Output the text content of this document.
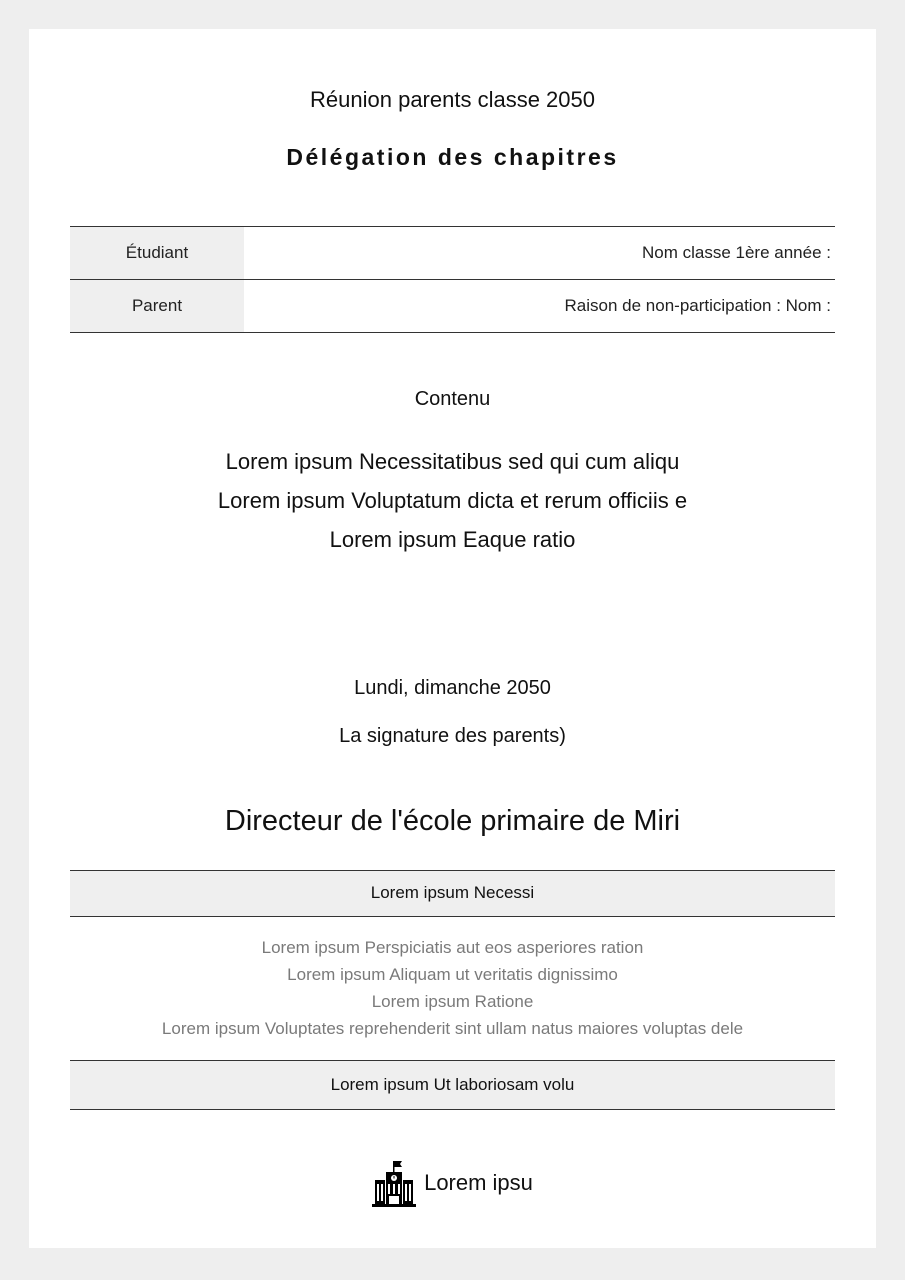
Réunion parents classe 2050
Délégation des chapitres
Étudiant	Nom classe 1ère année :
Parent	Raison de non-participation : Nom :
Contenu
Lorem ipsum Necessitatibus sed qui cum aliqu
Lorem ipsum Voluptatum dicta et rerum officiis e
Lorem ipsum Eaque ratio
Lundi, dimanche 2050
La signature des parents)
Directeur de l'école primaire de Miri
Lorem ipsum Necessi
Lorem ipsum Perspiciatis aut eos asperiores ration
Lorem ipsum Aliquam ut veritatis dignissimo
Lorem ipsum Ratione
Lorem ipsum Voluptates reprehenderit sint ullam natus maiores voluptas dele
Lorem ipsum Ut laboriosam volu
Lorem ipsu
